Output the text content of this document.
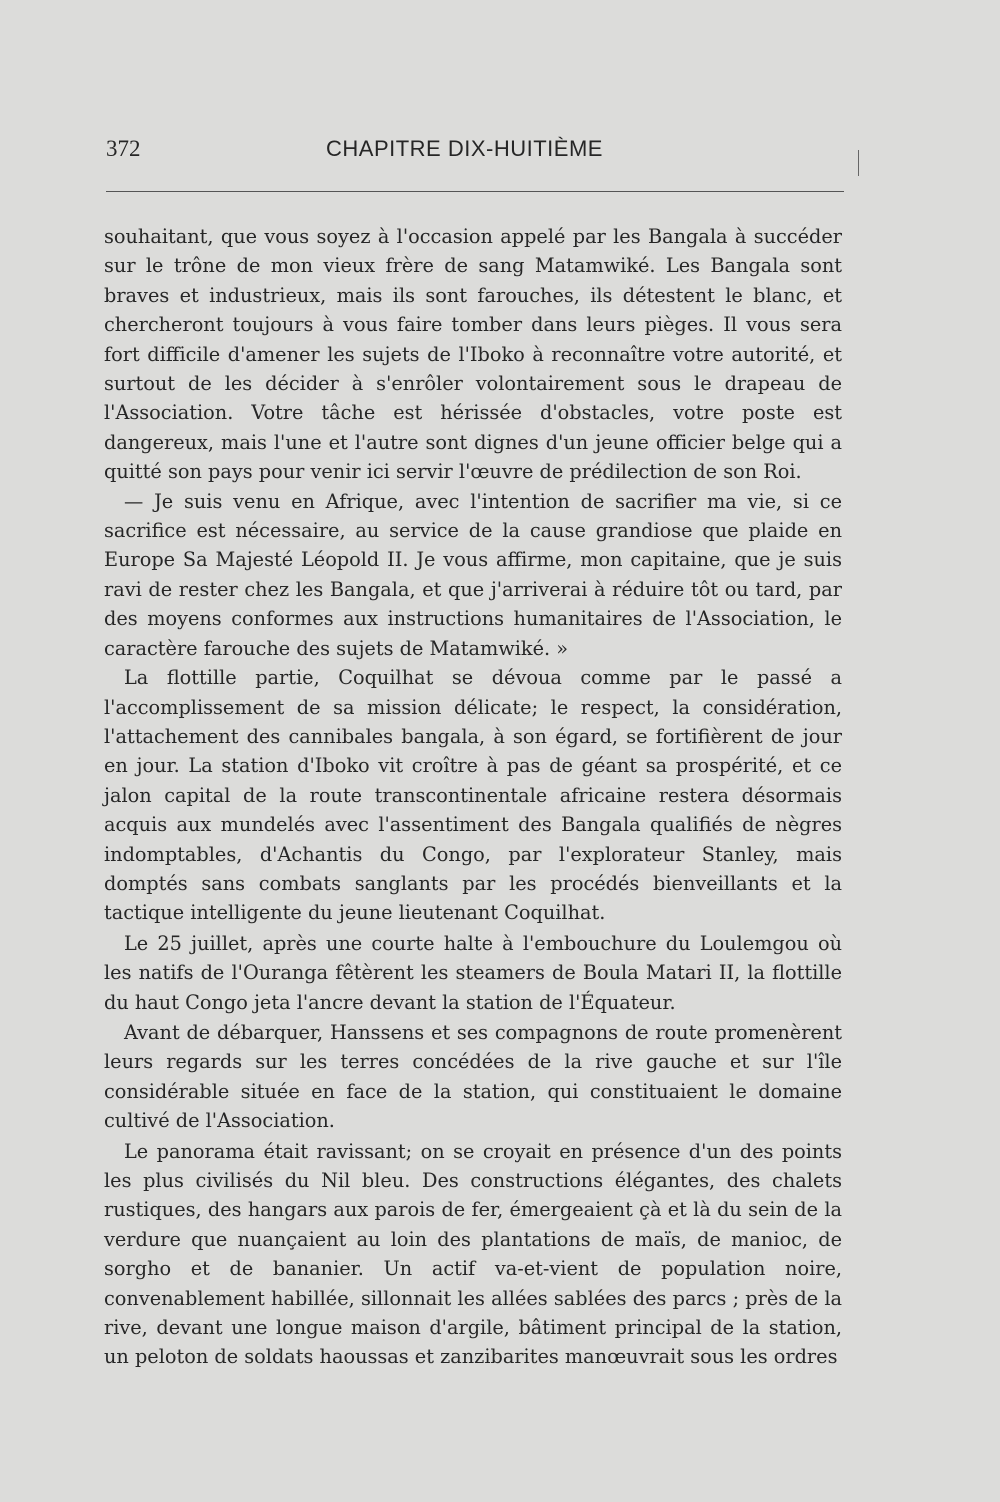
372	CHAPITRE DIX-HUITIÈME

souhaitant, que vous soyez à l'occasion appelé par les Bangala à succéder sur le trône de mon vieux frère de sang Matamwiké. Les Bangala sont braves et industrieux, mais ils sont farouches, ils détestent le blanc, et chercheront toujours à vous faire tomber dans leurs pièges. Il vous sera fort difficile d'amener les sujets de l'Iboko à reconnaître votre autorité, et surtout de les décider à s'enrôler volontairement sous le drapeau de l'Association. Votre tâche est hérissée d'obstacles, votre poste est dangereux, mais l'une et l'autre sont dignes d'un jeune officier belge qui a quitté son pays pour venir ici servir l'œuvre de prédilection de son Roi.

— Je suis venu en Afrique, avec l'intention de sacrifier ma vie, si ce sacrifice est nécessaire, au service de la cause grandiose que plaide en Europe Sa Majesté Léopold II. Je vous affirme, mon capitaine, que je suis ravi de rester chez les Bangala, et que j'arriverai à réduire tôt ou tard, par des moyens conformes aux instructions humanitaires de l'Association, le caractère farouche des sujets de Matamwiké. »

La flottille partie, Coquilhat se dévoua comme par le passé a l'accomplissement de sa mission délicate; le respect, la considération, l'attachement des cannibales bangala, à son égard, se fortifièrent de jour en jour. La station d'Iboko vit croître à pas de géant sa prospérité, et ce jalon capital de la route transcontinentale africaine restera désormais acquis aux mundelés avec l'assentiment des Bangala qualifiés de nègres indomptables, d'Achantis du Congo, par l'explorateur Stanley, mais domptés sans combats sanglants par les procédés bienveillants et la tactique intelligente du jeune lieutenant Coquilhat.

Le 25 juillet, après une courte halte à l'embouchure du Loulemgou où les natifs de l'Ouranga fêtèrent les steamers de Boula Matari II, la flottille du haut Congo jeta l'ancre devant la station de l'Équateur.

Avant de débarquer, Hanssens et ses compagnons de route promenèrent leurs regards sur les terres concédées de la rive gauche et sur l'île considérable située en face de la station, qui constituaient le domaine cultivé de l'Association.

Le panorama était ravissant; on se croyait en présence d'un des points les plus civilisés du Nil bleu. Des constructions élégantes, des chalets rustiques, des hangars aux parois de fer, émergeaient çà et là du sein de la verdure que nuançaient au loin des plantations de maïs, de manioc, de sorgho et de bananier. Un actif va-et-vient de population noire, convenablement habillée, sillonnait les allées sablées des parcs ; près de la rive, devant une longue maison d'argile, bâtiment principal de la station, un peloton de soldats haoussas et zanzibarites manœuvrait sous les ordres
